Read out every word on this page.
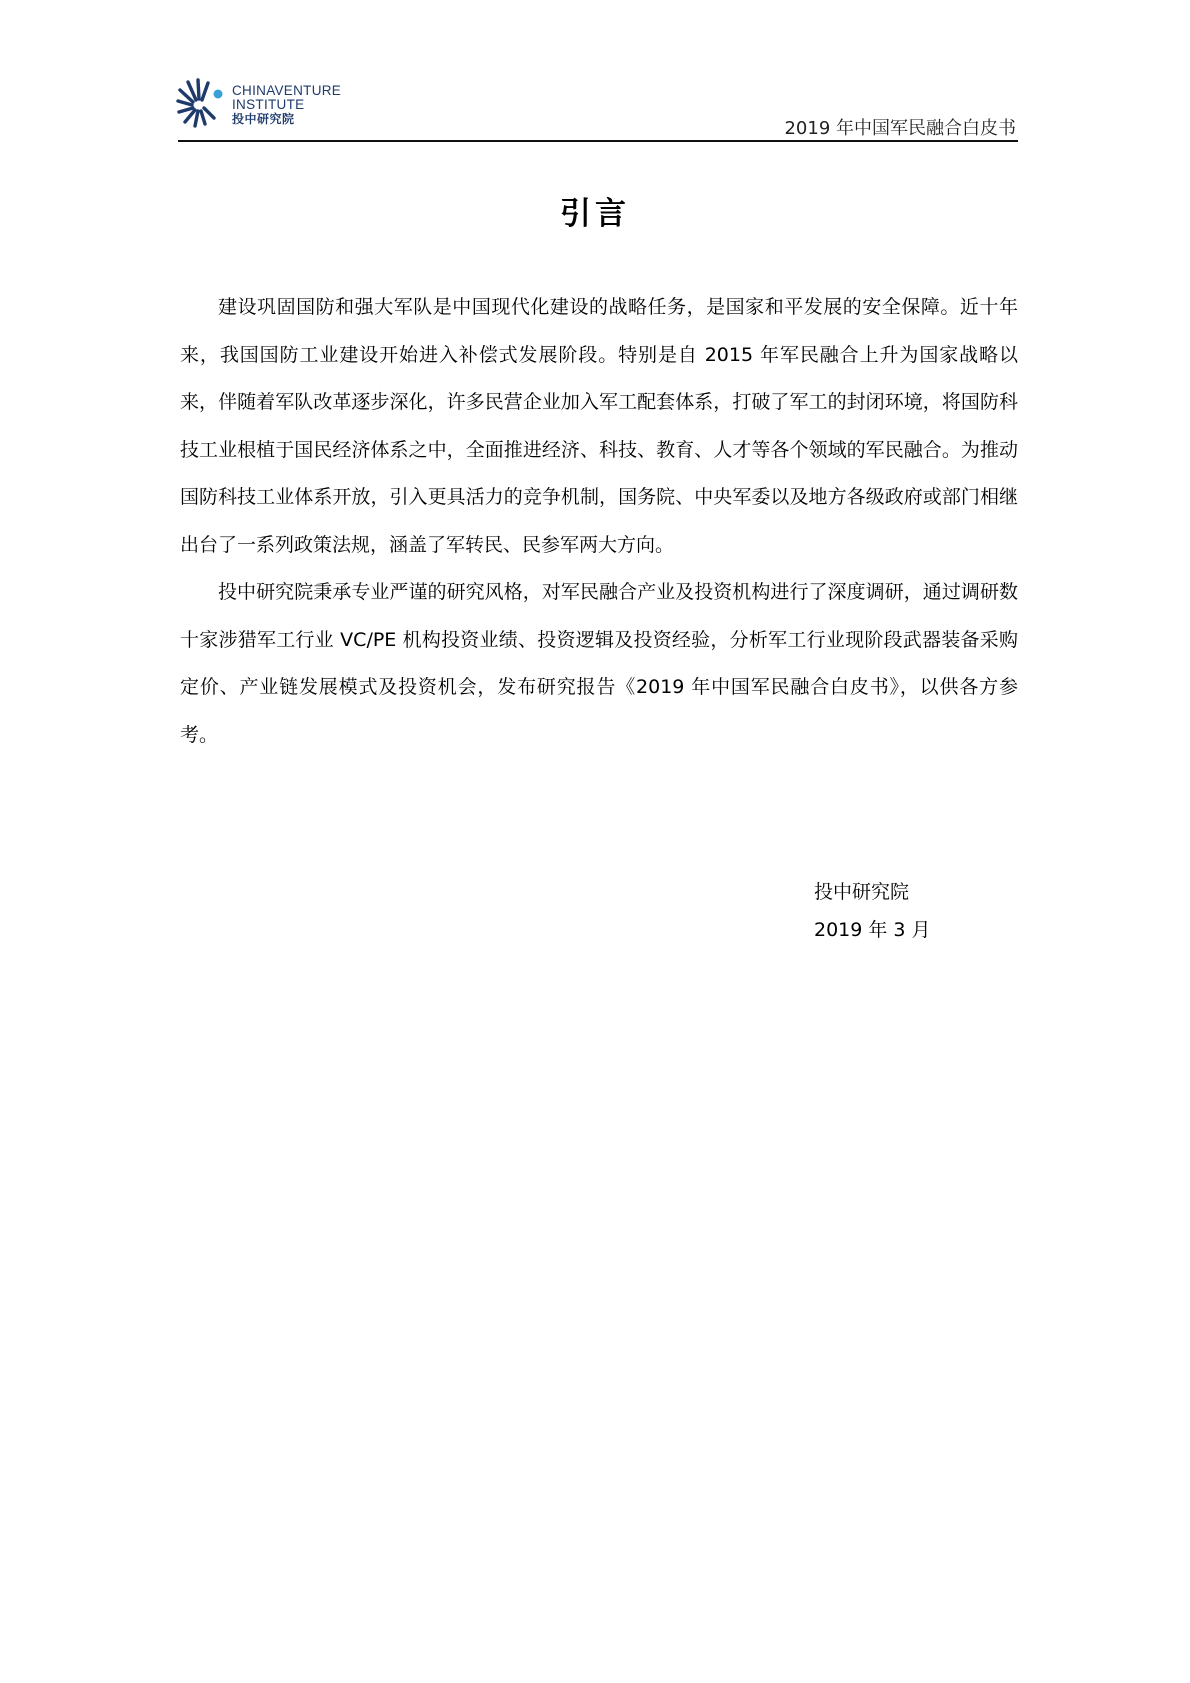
CHINAVENTURE
INSTITUTE
投中研究院	2019 年中国军民融合白皮书
引言

建设巩固国防和强大军队是中国现代化建设的战略任务，是国家和平发展的安全保障。近十年来，我国国防工业建设开始进入补偿式发展阶段。特别是自 2015 年军民融合上升为国家战略以来，伴随着军队改革逐步深化，许多民营企业加入军工配套体系，打破了军工的封闭环境，将国防科技工业根植于国民经济体系之中，全面推进经济、科技、教育、人才等各个领域的军民融合。为推动国防科技工业体系开放，引入更具活力的竞争机制，国务院、中央军委以及地方各级政府或部门相继出台了一系列政策法规，涵盖了军转民、民参军两大方向。

投中研究院秉承专业严谨的研究风格，对军民融合产业及投资机构进行了深度调研，通过调研数十家涉猎军工行业 VC/PE 机构投资业绩、投资逻辑及投资经验，分析军工行业现阶段武器装备采购定价、产业链发展模式及投资机会，发布研究报告《2019 年中国军民融合白皮书》，以供各方参考。

投中研究院
2019 年 3 月
